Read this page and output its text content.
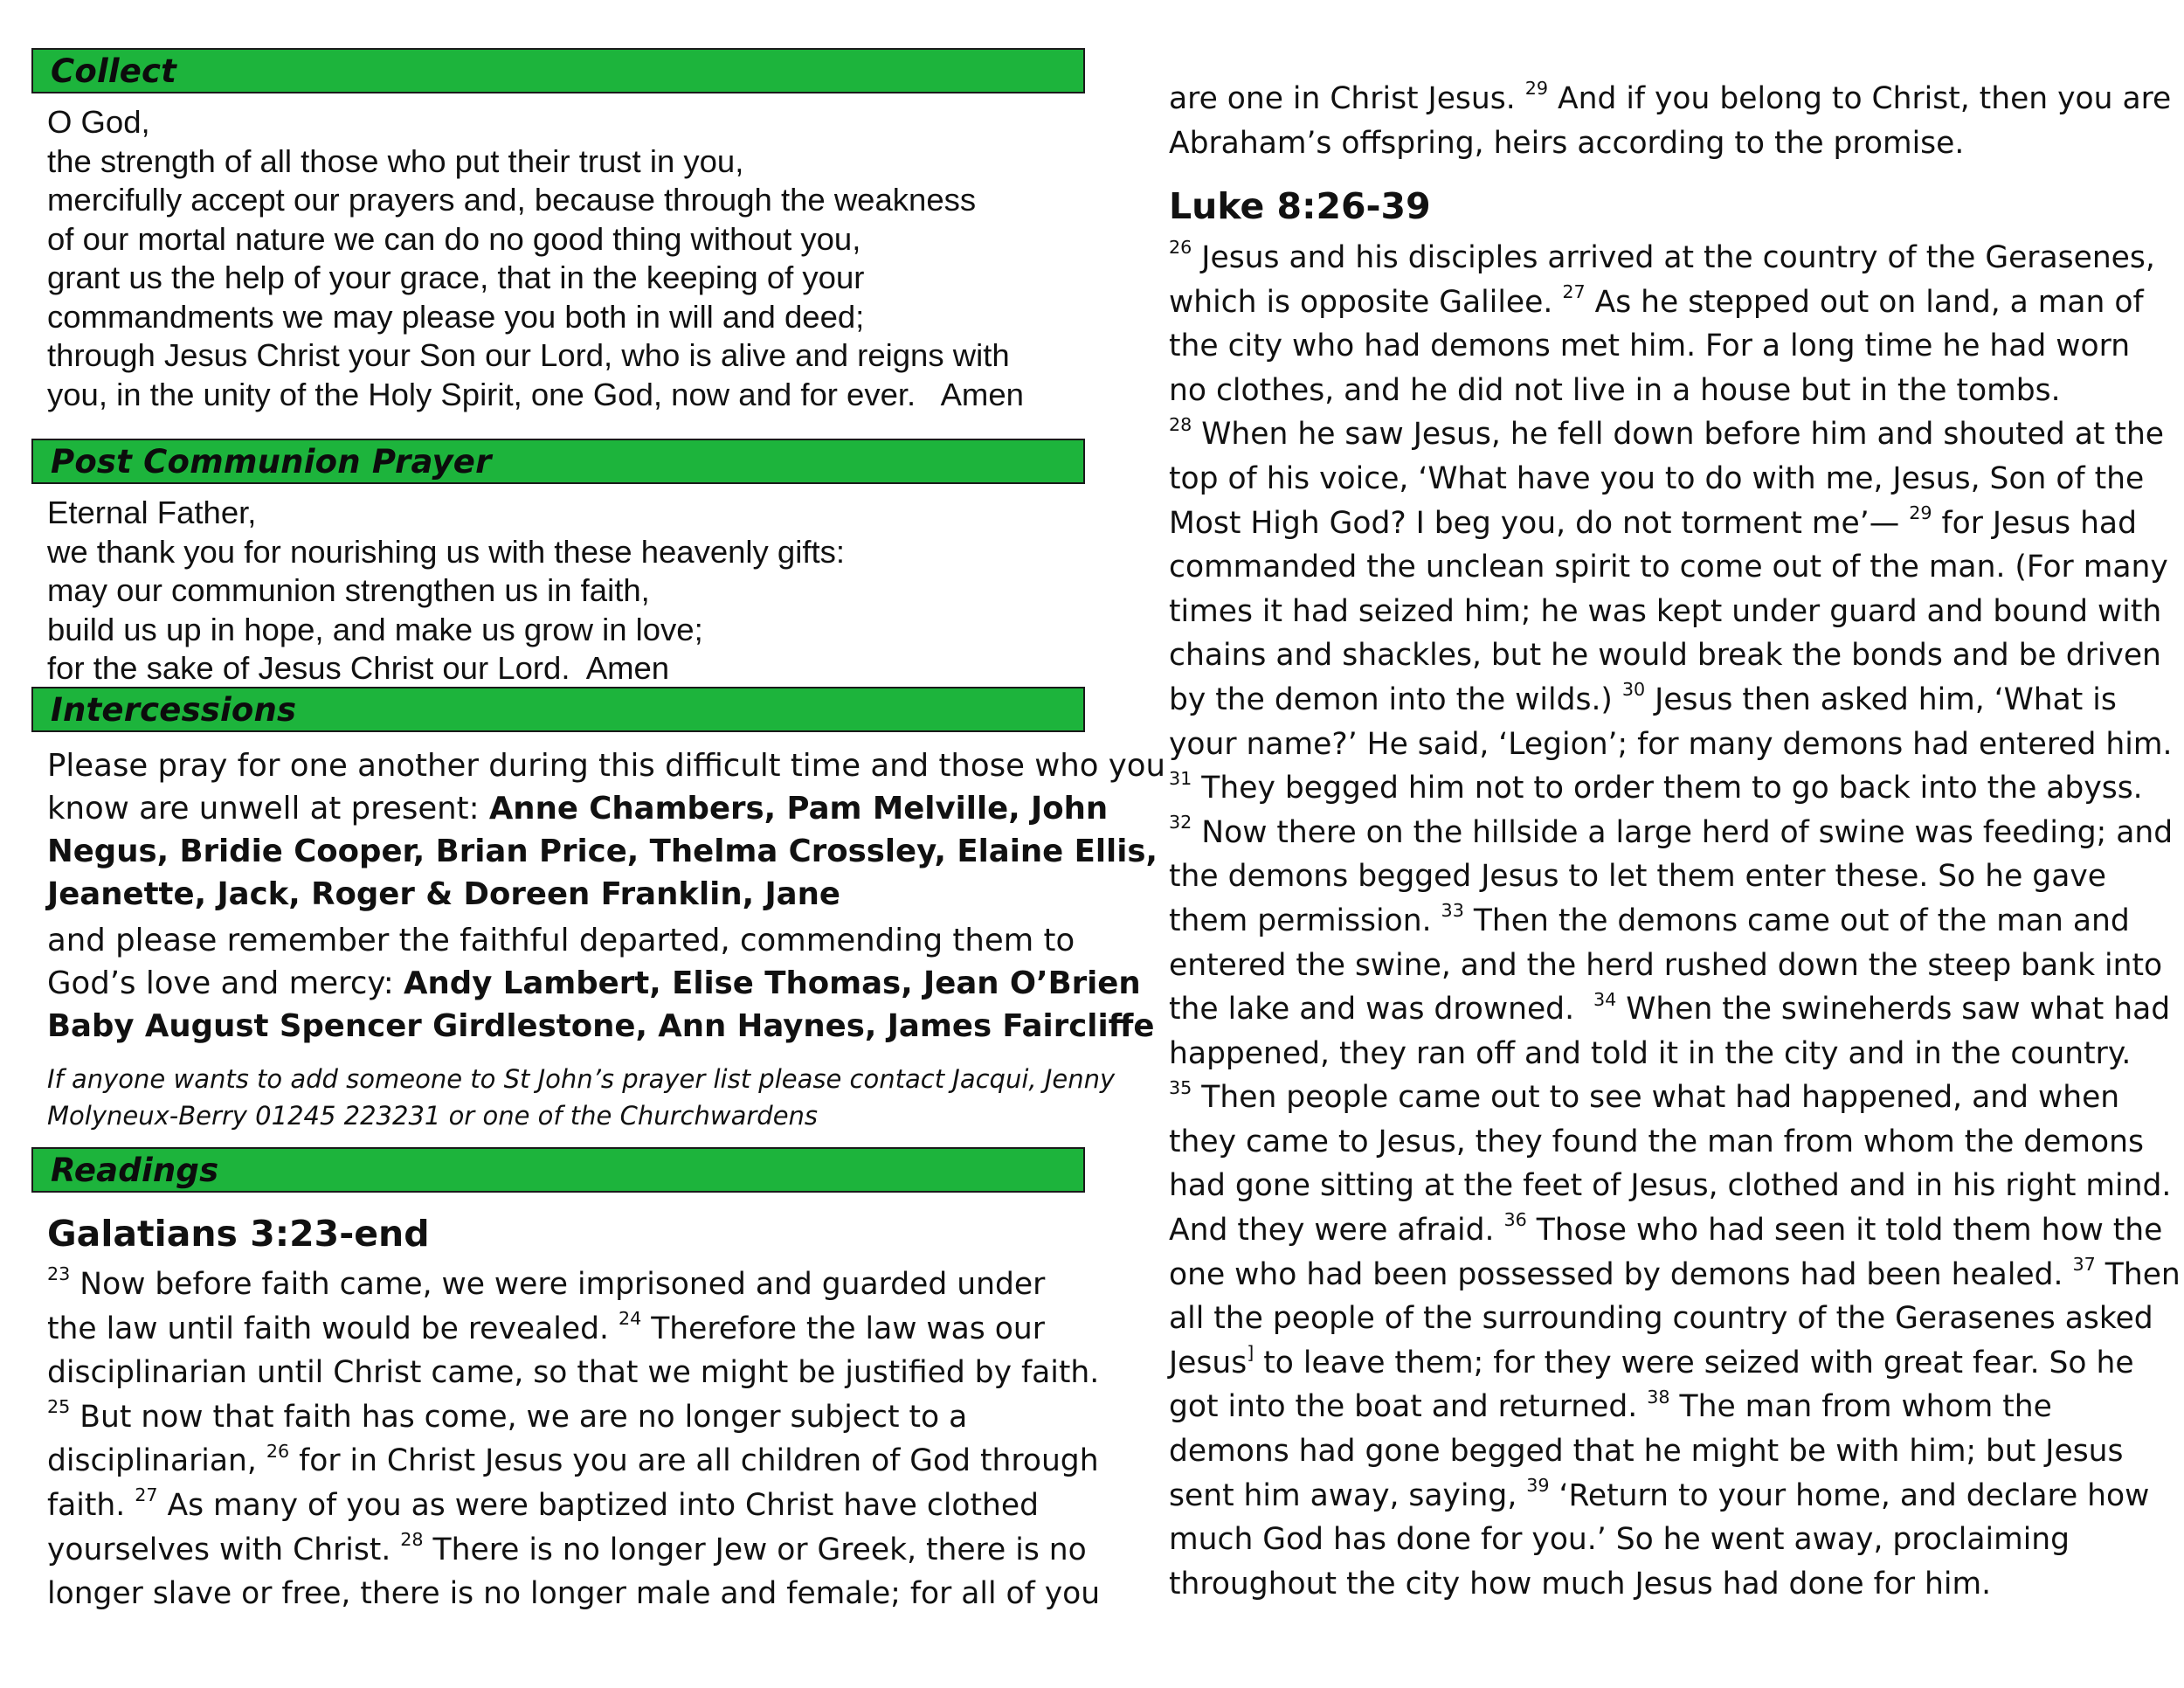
Collect
O God,
the strength of all those who put their trust in you,
mercifully accept our prayers and, because through the weakness
of our mortal nature we can do no good thing without you,
grant us the help of your grace, that in the keeping of your
commandments we may please you both in will and deed;
through Jesus Christ your Son our Lord, who is alive and reigns with
you, in the unity of the Holy Spirit, one God, now and for ever.   Amen
Post Communion Prayer
Eternal Father,
we thank you for nourishing us with these heavenly gifts:
may our communion strengthen us in faith,
build us up in hope, and make us grow in love;
for the sake of Jesus Christ our Lord.  Amen
Intercessions
Please pray for one another during this difficult time and those who you
know are unwell at present: Anne Chambers, Pam Melville, John
Negus, Bridie Cooper, Brian Price, Thelma Crossley, Elaine Ellis,
Jeanette, Jack, Roger & Doreen Franklin, Jane
and please remember the faithful departed, commending them to
God’s love and mercy: Andy Lambert, Elise Thomas, Jean O’Brien
Baby August Spencer Girdlestone, Ann Haynes, James Faircliffe
If anyone wants to add someone to St John’s prayer list please contact Jacqui, Jenny
Molyneux-Berry 01245 223231 or one of the Churchwardens
Readings
Galatians 3:23-end
$^{23}$ Now before faith came, we were imprisoned and guarded under
the law until faith would be revealed. $^{24}$ Therefore the law was our
disciplinarian until Christ came, so that we might be justified by faith.
$^{25}$ But now that faith has come, we are no longer subject to a
disciplinarian, $^{26}$ for in Christ Jesus you are all children of God through
faith. $^{27}$ As many of you as were baptized into Christ have clothed
yourselves with Christ. $^{28}$ There is no longer Jew or Greek, there is no
longer slave or free, there is no longer male and female; for all of you
are one in Christ Jesus. $^{29}$ And if you belong to Christ, then you are
Abraham’s offspring, heirs according to the promise.
Luke 8:26-39
$^{26}$ Jesus and his disciples arrived at the country of the Gerasenes,
which is opposite Galilee. $^{27}$ As he stepped out on land, a man of
the city who had demons met him. For a long time he had worn
no clothes, and he did not live in a house but in the tombs.
$^{28}$ When he saw Jesus, he fell down before him and shouted at the
top of his voice, ‘What have you to do with me, Jesus, Son of the
Most High God? I beg you, do not torment me’— $^{29}$ for Jesus had
commanded the unclean spirit to come out of the man. (For many
times it had seized him; he was kept under guard and bound with
chains and shackles, but he would break the bonds and be driven
by the demon into the wilds.) $^{30}$ Jesus then asked him, ‘What is
your name?’ He said, ‘Legion’; for many demons had entered him.
$^{31}$ They begged him not to order them to go back into the abyss.
$^{32}$ Now there on the hillside a large herd of swine was feeding; and
the demons begged Jesus to let them enter these. So he gave
them permission. $^{33}$ Then the demons came out of the man and
entered the swine, and the herd rushed down the steep bank into
the lake and was drowned.  $^{34}$ When the swineherds saw what had
happened, they ran off and told it in the city and in the country.
$^{35}$ Then people came out to see what had happened, and when
they came to Jesus, they found the man from whom the demons
had gone sitting at the feet of Jesus, clothed and in his right mind.
And they were afraid. $^{36}$ Those who had seen it told them how the
one who had been possessed by demons had been healed. $^{37}$ Then
all the people of the surrounding country of the Gerasenes asked
Jesus] to leave them; for they were seized with great fear. So he
got into the boat and returned. $^{38}$ The man from whom the
demons had gone begged that he might be with him; but Jesus
sent him away, saying, $^{39}$ ‘Return to your home, and declare how
much God has done for you.’ So he went away, proclaiming
throughout the city how much Jesus had done for him.
